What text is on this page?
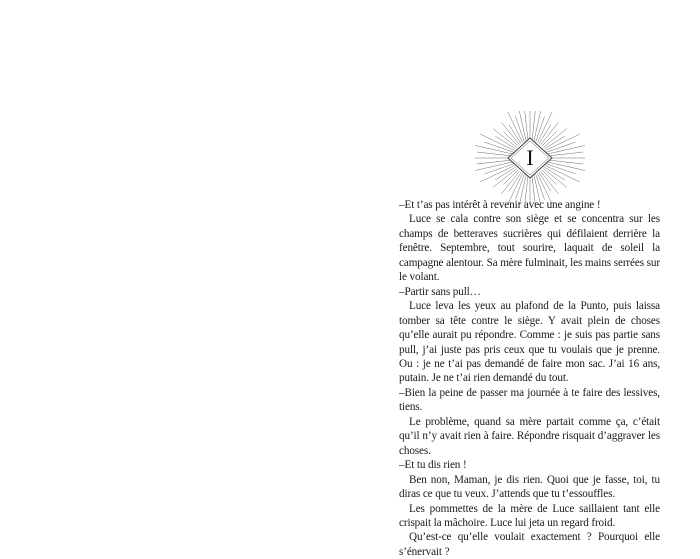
I

–Et t’as pas intérêt à revenir avec une angine !

Luce se cala contre son siège et se concentra sur les champs de betteraves sucrières qui défilaient derrière la fenêtre. Septembre, tout sourire, laquait de soleil la campagne alentour. Sa mère fulminait, les mains serrées sur le volant.

–Partir sans pull…

Luce leva les yeux au plafond de la Punto, puis laissa tomber sa tête contre le siège. Y avait plein de choses qu’elle aurait pu répondre. Comme : je suis pas partie sans pull, j’ai juste pas pris ceux que tu voulais que je prenne. Ou : je ne t’ai pas demandé de faire mon sac. J’ai 16 ans, putain. Je ne t’ai rien demandé du tout.

–Bien la peine de passer ma journée à te faire des lessives, tiens.

Le problème, quand sa mère partait comme ça, c’était qu’il n’y avait rien à faire. Répondre risquait d’aggraver les choses.

–Et tu dis rien !

Ben non, Maman, je dis rien. Quoi que je fasse, toi, tu diras ce que tu veux. J’attends que tu t’essouffles.

Les pommettes de la mère de Luce saillaient tant elle crispait la mâchoire. Luce lui jeta un regard froid.

Qu’est-ce qu’elle voulait exactement ? Pourquoi elle s’énervait ?
